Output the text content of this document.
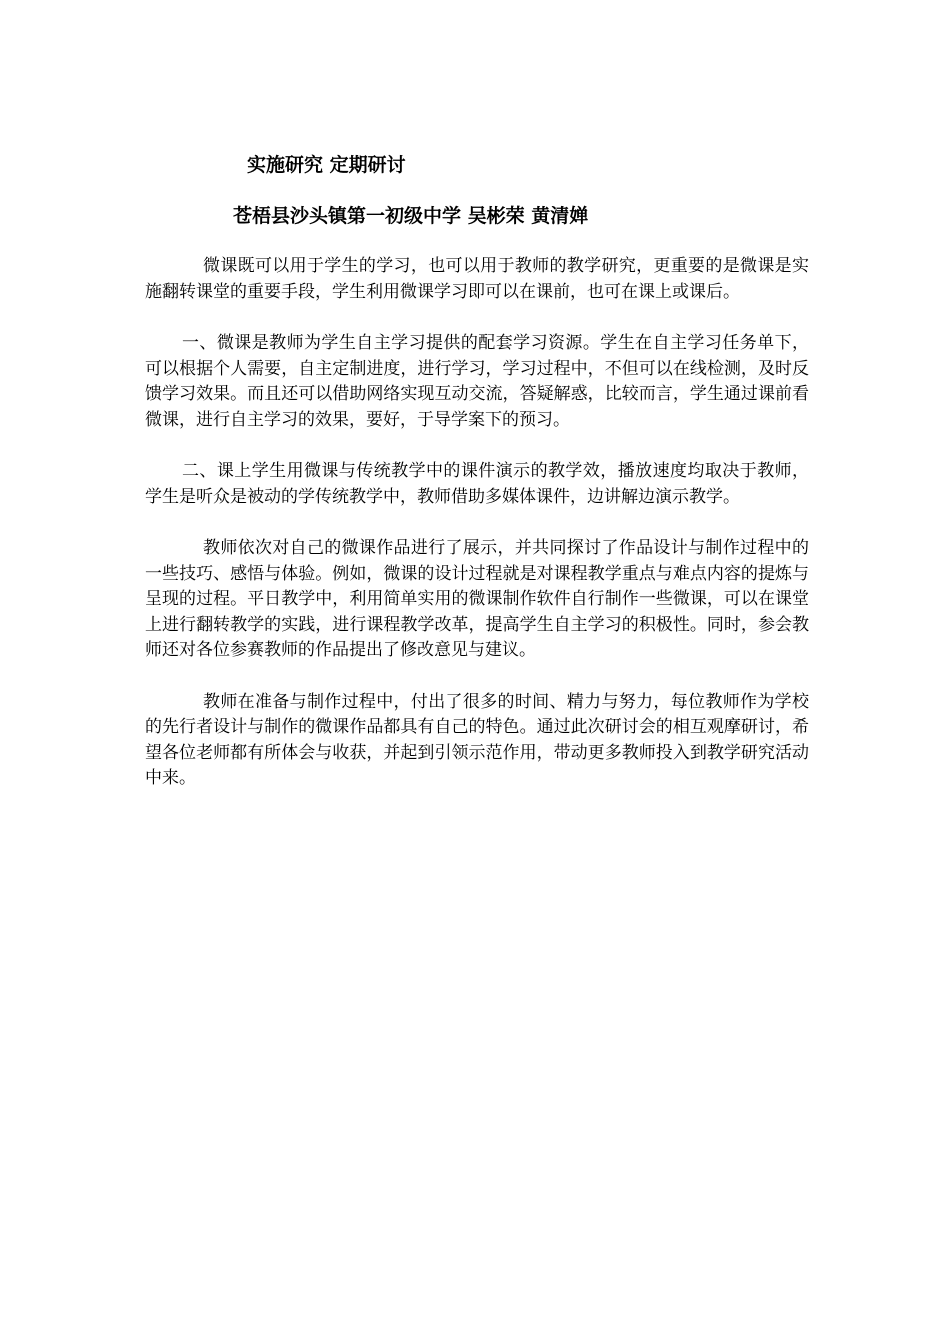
实施研究 定期研讨
苍梧县沙头镇第一初级中学 吴彬荣 黄清婵

微课既可以用于学生的学习，也可以用于教师的教学研究，更重要的是微课是实施翻转课堂的重要手段，学生利用微课学习即可以在课前，也可在课上或课后。

一、微课是教师为学生自主学习提供的配套学习资源。学生在自主学习任务单下，可以根据个人需要，自主定制进度，进行学习，学习过程中，不但可以在线检测，及时反馈学习效果。而且还可以借助网络实现互动交流，答疑解惑，比较而言，学生通过课前看微课，进行自主学习的效果，要好，于导学案下的预习。

二、课上学生用微课与传统教学中的课件演示的教学效，播放速度均取决于教师，学生是听众是被动的学传统教学中，教师借助多媒体课件，边讲解边演示教学。

教师依次对自己的微课作品进行了展示，并共同探讨了作品设计与制作过程中的一些技巧、感悟与体验。例如，微课的设计过程就是对课程教学重点与难点内容的提炼与呈现的过程。平日教学中，利用简单实用的微课制作软件自行制作一些微课，可以在课堂上进行翻转教学的实践，进行课程教学改革，提高学生自主学习的积极性。同时，参会教师还对各位参赛教师的作品提出了修改意见与建议。

教师在准备与制作过程中，付出了很多的时间、精力与努力，每位教师作为学校的先行者设计与制作的微课作品都具有自己的特色。通过此次研讨会的相互观摩研讨，希望各位老师都有所体会与收获，并起到引领示范作用，带动更多教师投入到教学研究活动中来。
